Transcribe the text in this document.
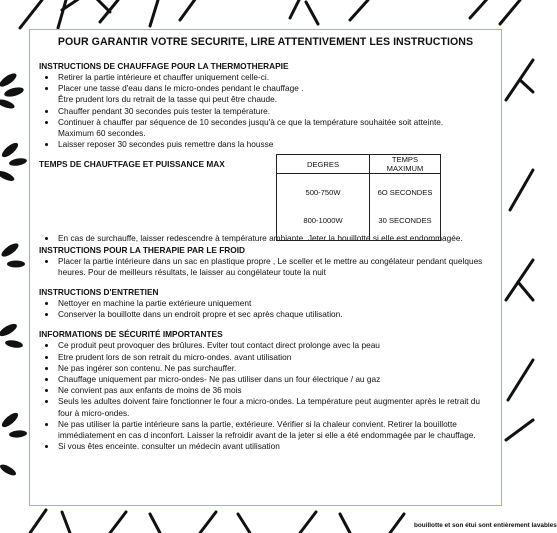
POUR GARANTIR VOTRE SECURITE, LIRE ATTENTIVEMENT LES INSTRUCTIONS
INSTRUCTIONS DE CHAUFFAGE POUR LA THERMOTHERAPIE
• Retirer la partie intérieure et chauffer uniquement celle-ci.
• Placer une tasse d'eau dans le micro-ondes pendant le chauffage .
Être prudent lors du retrait de la tasse qui peut être chaude.
• Chauffer pendant 30 secondes puis tester la température.
• Continuer à chauffer par séquence de 10 secondes jusqu'à ce que la température souhaitée soit atteinte.
Maximum 60 secondes.
• Laisser reposer 30 secondes puis remettre dans la housse
TEMPS DE CHAUFTFAGE ET PUISSANCE MAX	DEGRES	TEMPS MAXIMUM
500-750W	6O SECONDES
800-1000W	30 SECONDES
• En cas de surchauffe, laisser redescendre à température ambiante. Jeter la bouillotte si elle est endommagée.
INSTRUCTIONS POUR LA THERAPIE PAR LE FROID
• Placer la partie intérieure dans un sac en plastique propre , Le sceller et le mettre au congélateur pendant quelques heures. Pour de meilleurs résultats, le laisser au congélateur toute la nuit
INSTRUCTIONS D'ENTRETIEN
• Nettoyer en machine la partie extérieure uniquement
• Conserver la bouillotte dans un endroit propre et sec après chaque utilisation.
INFORMATIONS DE SÉCURITÉ IMPORTANTES
• Ce produit peut provoquer des brûlures. Eviter tout contact direct prolonge avec la peau
• Etre prudent lors de son retrait du micro-ondes. avant utilisation
• Ne pas ingérer son contenu. Ne pas surchauffer.
• Chauffage uniquement par micro-ondes- Ne pas utiliser dans un four électrique / au gaz
• Ne convient pas aux enfants de moins de 36 mois
• Seuls les adultes doivent faire fonctionner le four a micro-ondes. La température peut augmenter après le retrait du four à micro-ondes.
• Ne pas utiliser la partie intérieure sans la partie, extérieure. Vérifier si la chaleur convient. Retirer la bouillotte immédiatement en cas d inconfort. Laisser la refroidir avant de la jeter si elle a été endommagée par le chauffage.
• Si vous êtes enceinte. consulter un médecin avant utilisation
bouillotte et son étui sont entièrement lavables
